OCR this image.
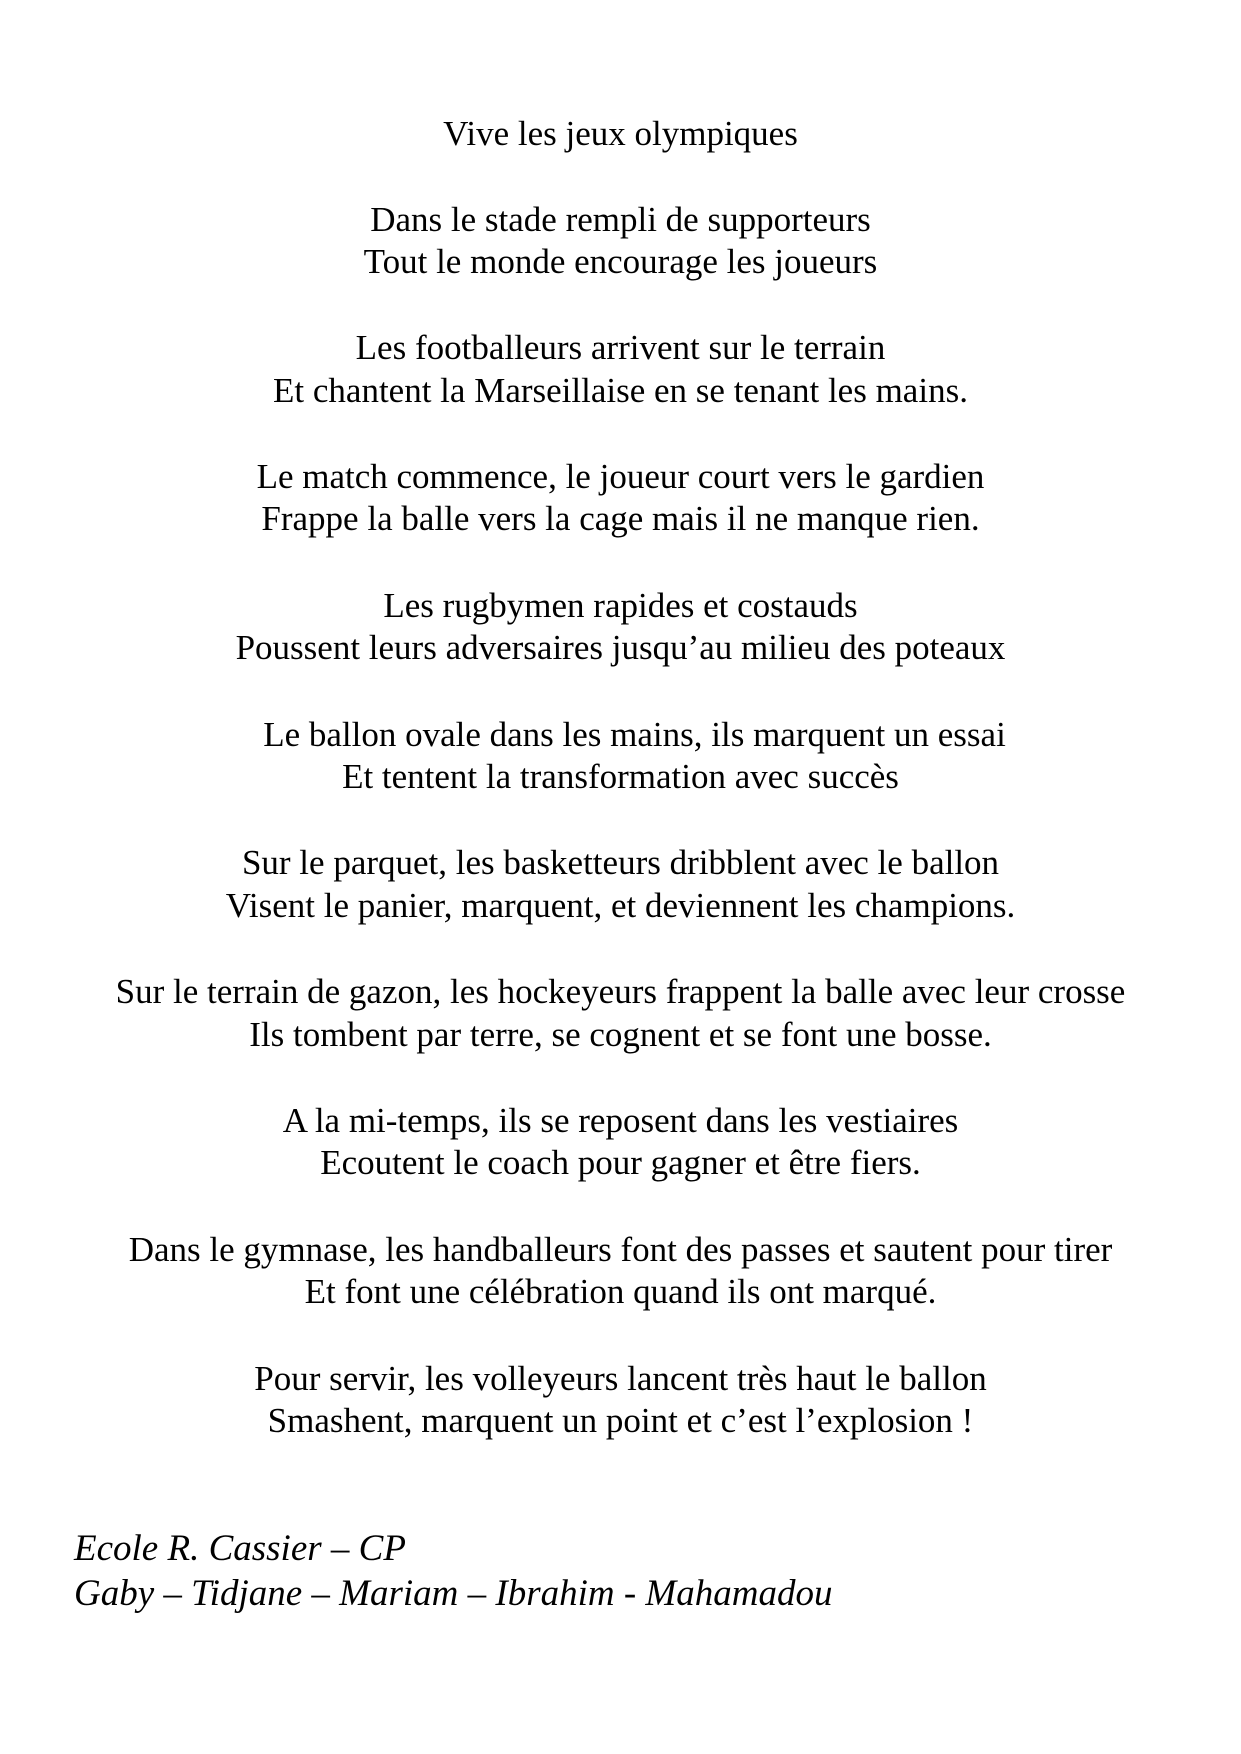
Vive les jeux olympiques
Dans le stade rempli de supporteurs
Tout le monde encourage les joueurs
Les footballeurs arrivent sur le terrain
Et chantent la Marseillaise en se tenant les mains.
Le match commence, le joueur court vers le gardien
Frappe la balle vers la cage mais il ne manque rien.
Les rugbymen rapides et costauds
Poussent leurs adversaires jusqu’au milieu des poteaux
Le ballon ovale dans les mains, ils marquent un essai
Et tentent la transformation avec succès
Sur le parquet, les basketteurs dribblent avec le ballon
Visent le panier, marquent, et deviennent les champions.
Sur le terrain de gazon, les hockeyeurs frappent la balle avec leur crosse
Ils tombent par terre, se cognent et se font une bosse.
A la mi-temps, ils se reposent dans les vestiaires
Ecoutent le coach pour gagner et être fiers.
Dans le gymnase, les handballeurs font des passes et sautent pour tirer
Et font une célébration quand ils ont marqué.
Pour servir, les volleyeurs lancent très haut le ballon
Smashent, marquent un point et c’est l’explosion !
Ecole R. Cassier – CP
Gaby – Tidjane – Mariam – Ibrahim - Mahamadou
